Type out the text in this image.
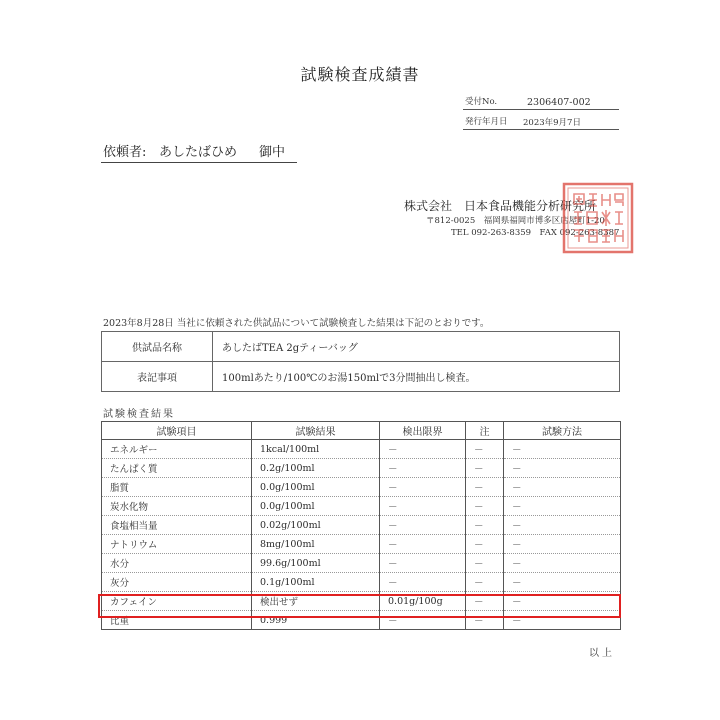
試験検査成績書
受付No.	2306407-002
発行年月日 2023年9月7日
依頼者: あしたばひめ 御中
株式会社　日本食品機能分析研究所
〒812-0025　福岡県福岡市博多区店屋町1-20
TEL 092-263-8359　FAX 092-263-8387
2023年8月28日 当社に依頼された供試品について試験検査した結果は下記のとおりです。
供試品名称	あしたばTEA 2gティーバッグ
表記事項	100mlあたり/100℃のお湯150mlで3分間抽出し検査。
試験検査結果
試験項目	試験結果	検出限界	注	試験方法
エネルギー	1kcal/100ml	－	－	－
たんぱく質	0.2g/100ml	－	－	－
脂質	0.0g/100ml	－	－	－
炭水化物	0.0g/100ml	－	－	－
食塩相当量	0.02g/100ml	－	－	－
ナトリウム	8mg/100ml	－	－	－
水分	99.6g/100ml	－	－	－
灰分	0.1g/100ml	－	－	－
カフェイン	検出せず	0.01g/100g	－	－
比重	0.999	－	－	－
以上
